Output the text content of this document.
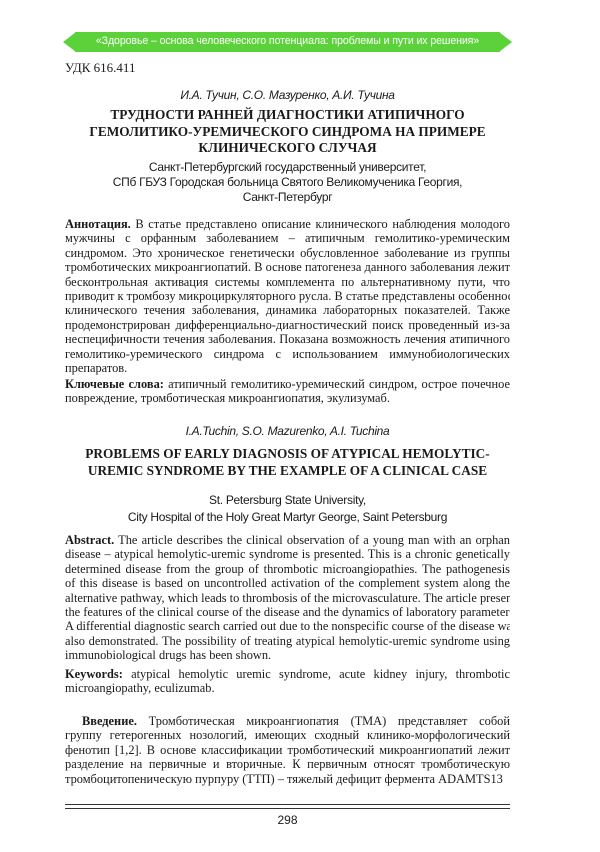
«Здоровье – основа человеческого потенциала: проблемы и пути их решения»
УДК 616.411
И.А. Тучин, С.О. Мазуренко, А.И. Тучина
ТРУДНОСТИ РАННЕЙ ДИАГНОСТИКИ АТИПИЧНОГО
ГЕМОЛИТИКО-УРЕМИЧЕСКОГО СИНДРОМА НА ПРИМЕРЕ
КЛИНИЧЕСКОГО СЛУЧАЯ
Санкт-Петербургский государственный университет,
СПб ГБУЗ Городская больница Святого Великомученика Георгия,
Санкт-Петербург
Аннотация. В статье представлено описание клинического наблюдения молодого
мужчины с орфанным заболеванием – атипичным гемолитико-уремическим
синдромом. Это хроническое генетически обусловленное заболевание из группы
тромботических микроангиопатий. В основе патогенеза данного заболевания лежит
бесконтрольная активация системы комплемента по альтернативному пути, что
приводит к тромбозу микроциркуляторного русла. В статье представлены особенности
клинического течения заболевания, динамика лабораторных показателей. Также
продемонстрирован дифференциально-диагностический поиск проведенный из-за
неспецифичности течения заболевания. Показана возможность лечения атипичного
гемолитико-уремического синдрома с использованием иммунобиологических
препаратов.
Ключевые слова: атипичный гемолитико-уремический синдром, острое почечное
повреждение, тромботическая микроангиопатия, экулизумаб.
I.A.Tuchin, S.O. Mazurenko, A.I. Tuchina
PROBLEMS OF EARLY DIAGNOSIS OF ATYPICAL HEMOLYTIC-
UREMIC SYNDROME BY THE EXAMPLE OF A CLINICAL CASE
St. Petersburg State University,
City Hospital of the Holy Great Martyr George, Saint Petersburg
Abstract. The article describes the clinical observation of a young man with an orphan
disease – atypical hemolytic-uremic syndrome is presented. This is a chronic genetically
determined disease from the group of thrombotic microangiopathies. The pathogenesis
of this disease is based on uncontrolled activation of the complement system along the
alternative pathway, which leads to thrombosis of the microvasculature. The article presents
the features of the clinical course of the disease and the dynamics of laboratory parameters.
A differential diagnostic search carried out due to the nonspecific course of the disease was
also demonstrated. The possibility of treating atypical hemolytic-uremic syndrome using
immunobiological drugs has been shown.
Keywords: atypical hemolytic uremic syndrome, acute kidney injury, thrombotic
microangiopathy, eculizumab.
Введение. Тромботическая микроангиопатия (ТМА) представляет собой
группу гетерогенных нозологий, имеющих сходный клинико-морфологический
фенотип [1,2]. В основе классификации тромботический микроангиопатий лежит
разделение на первичные и вторичные. К первичным относят тромботическую
тромбоцитопеническую пурпуру (ТТП) – тяжелый дефицит фермента ADAMTS13
298
